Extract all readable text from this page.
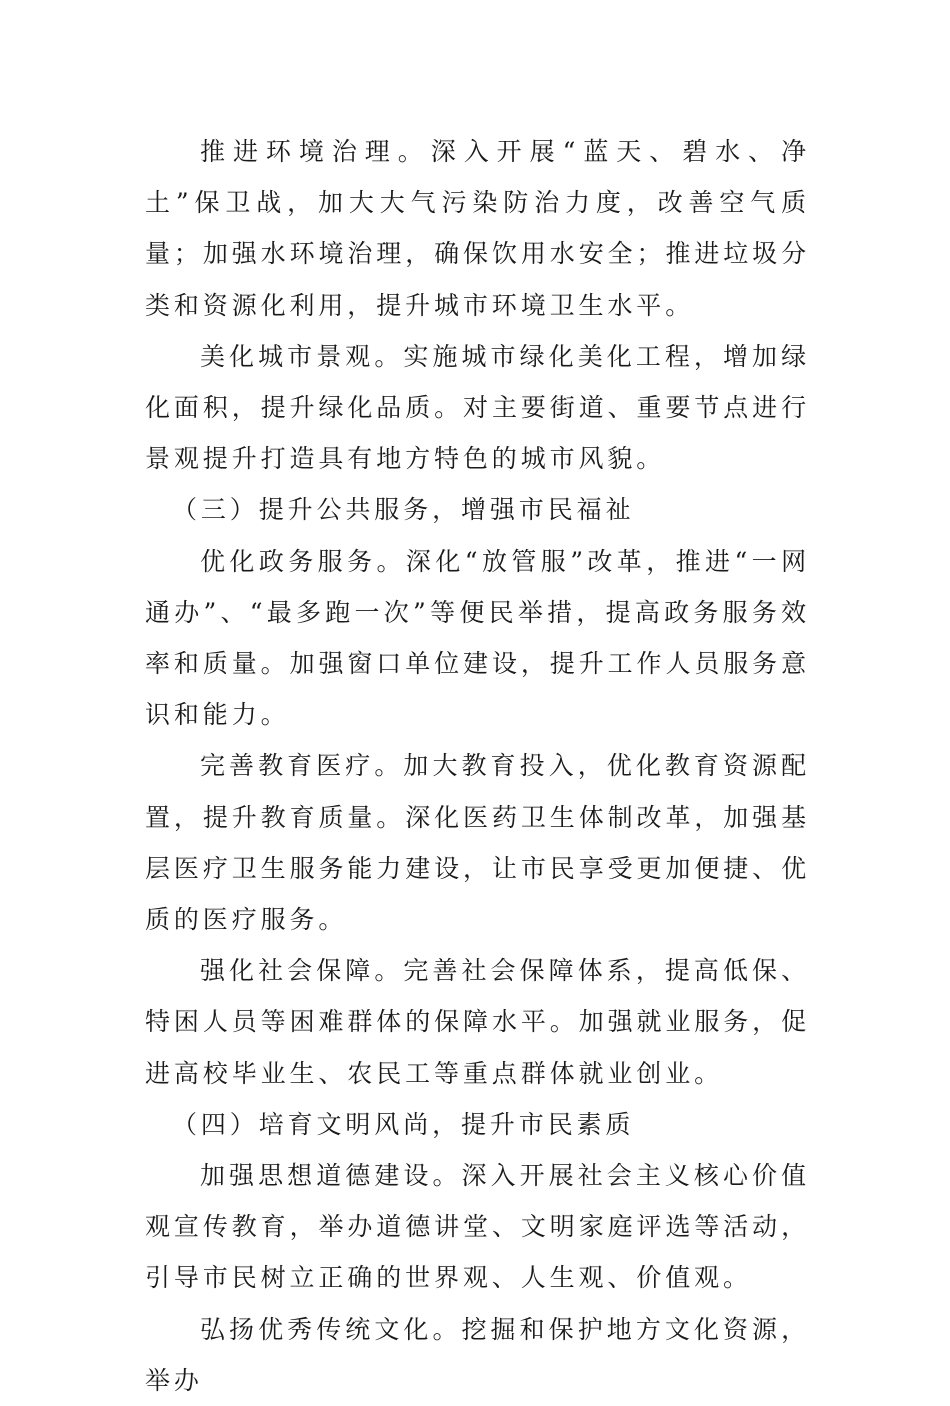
推进环境治理。深入开展“蓝天、碧水、净土”保卫战，加大大气污染防治力度，改善空气质量；加强水环境治理，确保饮用水安全；推进垃圾分类和资源化利用，提升城市环境卫生水平。

美化城市景观。实施城市绿化美化工程，增加绿化面积，提升绿化品质。对主要街道、重要节点进行景观提升打造具有地方特色的城市风貌。

（三）提升公共服务，增强市民福祉

优化政务服务。深化“放管服”改革，推进“一网通办”、“最多跑一次”等便民举措，提高政务服务效率和质量。加强窗口单位建设，提升工作人员服务意识和能力。

完善教育医疗。加大教育投入，优化教育资源配置，提升教育质量。深化医药卫生体制改革，加强基层医疗卫生服务能力建设，让市民享受更加便捷、优质的医疗服务。

强化社会保障。完善社会保障体系，提高低保、特困人员等困难群体的保障水平。加强就业服务，促进高校毕业生、农民工等重点群体就业创业。

（四）培育文明风尚，提升市民素质

加强思想道德建设。深入开展社会主义核心价值观宣传教育，举办道德讲堂、文明家庭评选等活动，引导市民树立正确的世界观、人生观、价值观。

弘扬优秀传统文化。挖掘和保护地方文化资源，举办
